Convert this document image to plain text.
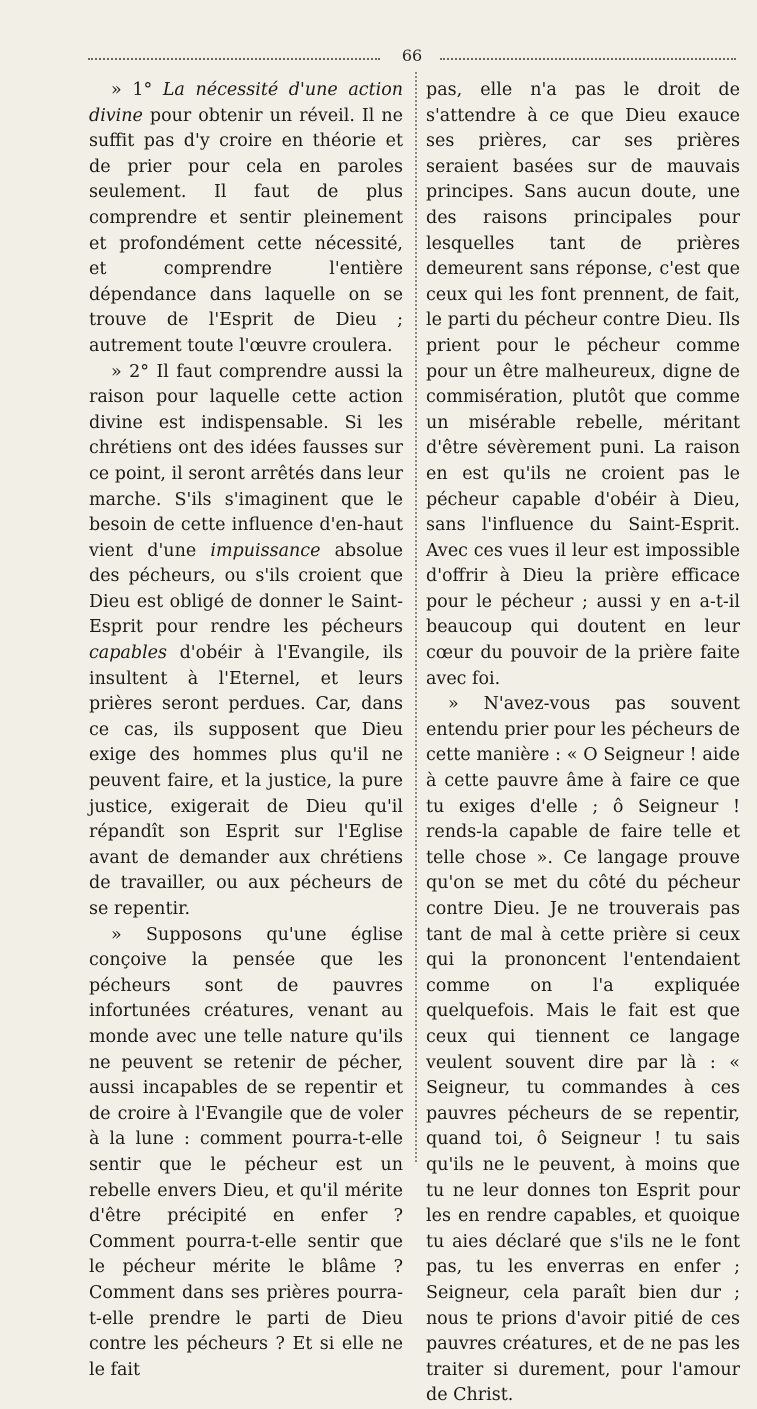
66

» 1° La nécessité d'une action divine pour obtenir un réveil. Il ne suffit pas d'y croire en théorie et de prier pour cela en paroles seulement. Il faut de plus comprendre et sentir pleinement et profondément cette nécessité, et comprendre l'entière dépendance dans laquelle on se trouve de l'Esprit de Dieu ; autrement toute l'œuvre croulera.

» 2° Il faut comprendre aussi la raison pour laquelle cette action divine est indispensable. Si les chrétiens ont des idées fausses sur ce point, il seront arrêtés dans leur marche. S'ils s'imaginent que le besoin de cette influence d'en-haut vient d'une impuissance absolue des pécheurs, ou s'ils croient que Dieu est obligé de donner le Saint-Esprit pour rendre les pécheurs capables d'obéir à l'Evangile, ils insultent à l'Eternel, et leurs prières seront perdues. Car, dans ce cas, ils supposent que Dieu exige des hommes plus qu'il ne peuvent faire, et la justice, la pure justice, exigerait de Dieu qu'il répandît son Esprit sur l'Eglise avant de demander aux chrétiens de travailler, ou aux pécheurs de se repentir.

» Supposons qu'une église conçoive la pensée que les pécheurs sont de pauvres infortunées créatures, venant au monde avec une telle nature qu'ils ne peuvent se retenir de pécher, aussi incapables de se repentir et de croire à l'Evangile que de voler à la lune : comment pourra-t-elle sentir que le pécheur est un rebelle envers Dieu, et qu'il mérite d'être précipité en enfer ? Comment pourra-t-elle sentir que le pécheur mérite le blâme ? Comment dans ses prières pourra-t-elle prendre le parti de Dieu contre les pécheurs ? Et si elle ne le fait

pas, elle n'a pas le droit de s'attendre à ce que Dieu exauce ses prières, car ses prières seraient basées sur de mauvais principes. Sans aucun doute, une des raisons principales pour lesquelles tant de prières demeurent sans réponse, c'est que ceux qui les font prennent, de fait, le parti du pécheur contre Dieu. Ils prient pour le pécheur comme pour un être malheureux, digne de commisération, plutôt que comme un misérable rebelle, méritant d'être sévèrement puni. La raison en est qu'ils ne croient pas le pécheur capable d'obéir à Dieu, sans l'influence du Saint-Esprit. Avec ces vues il leur est impossible d'offrir à Dieu la prière efficace pour le pécheur ; aussi y en a-t-il beaucoup qui doutent en leur cœur du pouvoir de la prière faite avec foi.

» N'avez-vous pas souvent entendu prier pour les pécheurs de cette manière : « O Seigneur ! aide à cette pauvre âme à faire ce que tu exiges d'elle ; ô Seigneur ! rends-la capable de faire telle et telle chose ». Ce langage prouve qu'on se met du côté du pécheur contre Dieu. Je ne trouverais pas tant de mal à cette prière si ceux qui la prononcent l'entendaient comme on l'a expliquée quelquefois. Mais le fait est que ceux qui tiennent ce langage veulent souvent dire par là : « Seigneur, tu commandes à ces pauvres pécheurs de se repentir, quand toi, ô Seigneur ! tu sais qu'ils ne le peuvent, à moins que tu ne leur donnes ton Esprit pour les en rendre capables, et quoique tu aies déclaré que s'ils ne le font pas, tu les enverras en enfer ; Seigneur, cela paraît bien dur ; nous te prions d'avoir pitié de ces pauvres créatures, et de ne pas les traiter si durement, pour l'amour de Christ.
